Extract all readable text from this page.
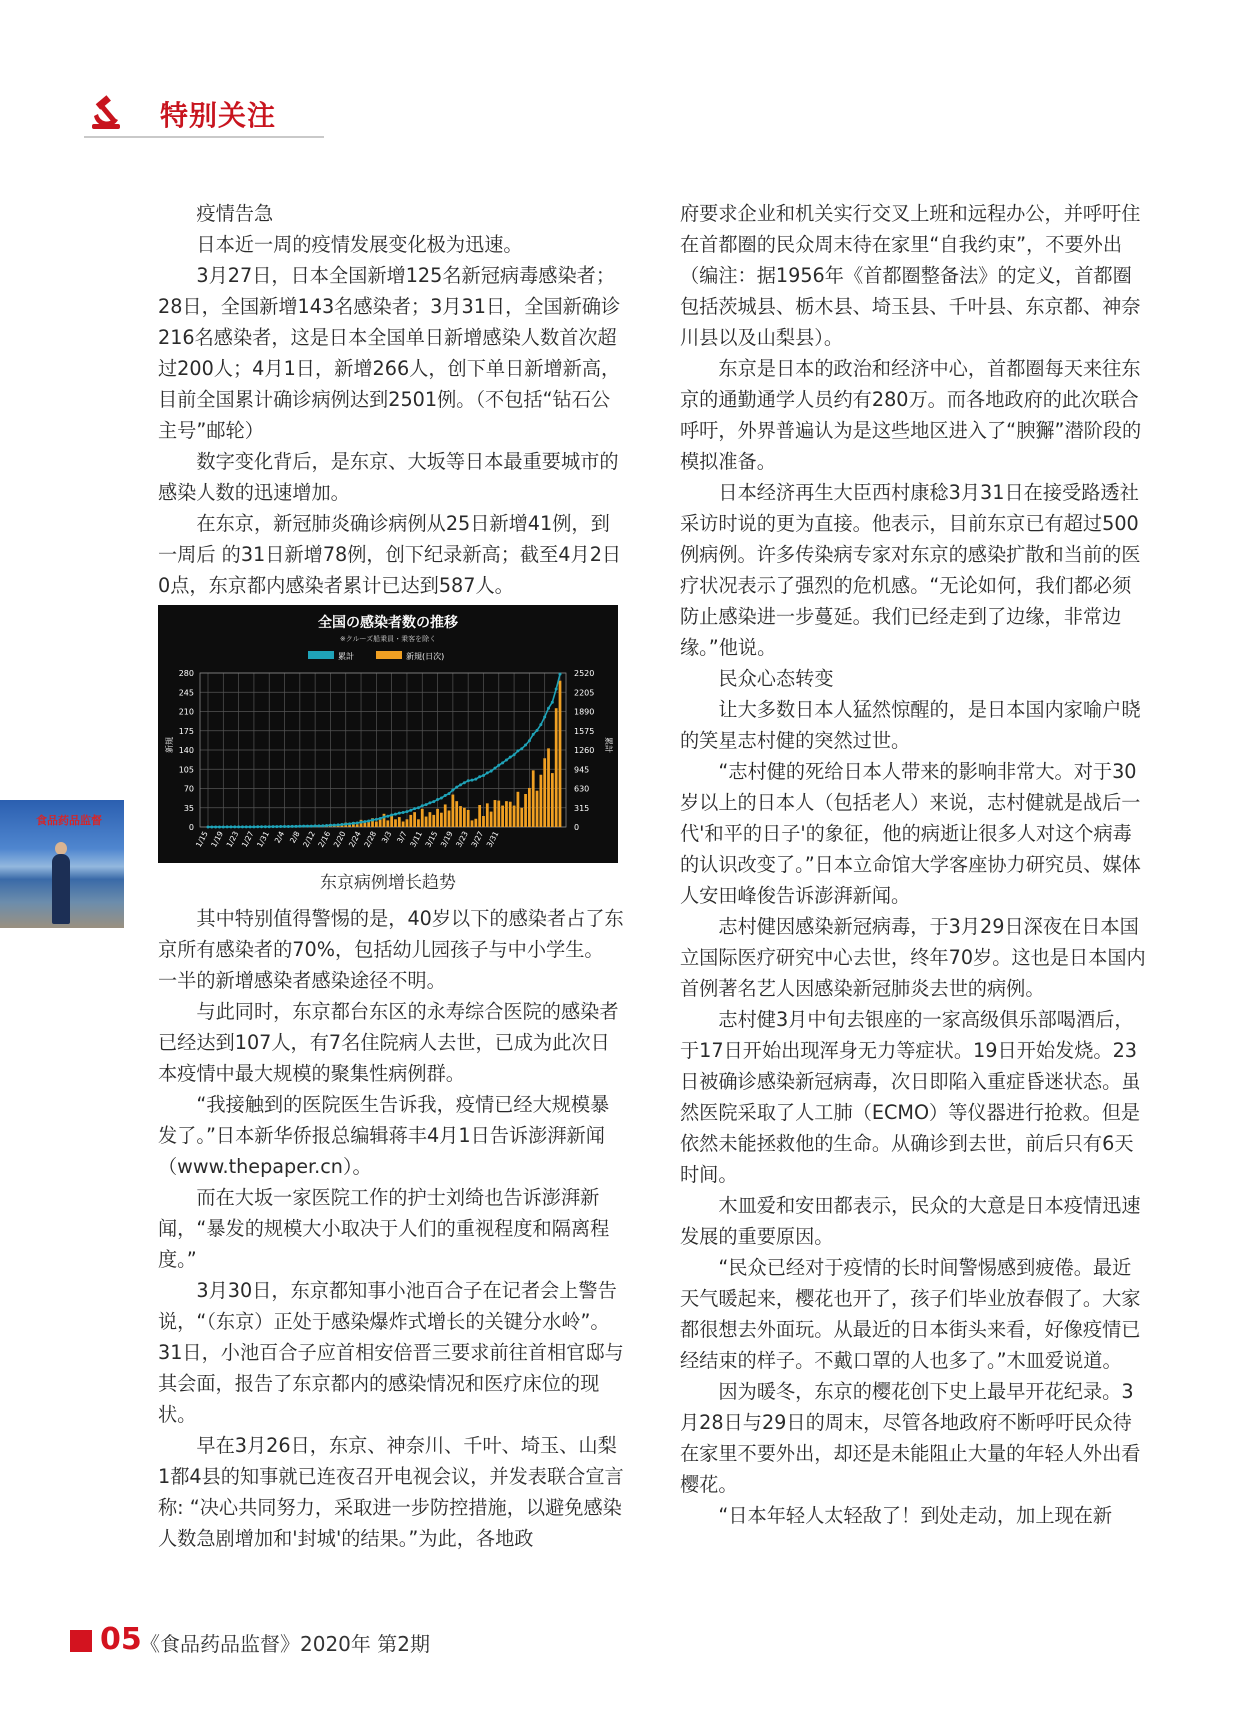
特别关注

疫情告急

日本近一周的疫情发展变化极为迅速。

3月27日，日本全国新增125名新冠病毒感染者；28日，全国新增143名感染者；3月31日，全国新确诊216名感染者，这是日本全国单日新增感染人数首次超过200人；4月1日，新增266人，创下单日新增新高，目前全国累计确诊病例达到2501例。（不包括“钻石公主号”邮轮）

数字变化背后，是东京、大坂等日本最重要城市的感染人数的迅速增加。

在东京，新冠肺炎确诊病例从25日新增41例，到一周后 的31日新增78例，创下纪录新高；截至4月2日0点，东京都内感染者累计已达到587人。

全国の感染者数の推移
※クルーズ船乗員・乗客を除く
累計	新規(日次)
0
35
70
105
140
175
210
245
280
0
315
630
945
1260
1575
1890
2205
2520
新規	累計
1/15 1/19 1/23 1/27 1/31 2/4 2/8 2/12 2/16 2/20 2/24 2/28 3/3 3/7 3/11 3/15 3/19 3/23 3/27 3/31
东京病例增长趋势

其中特别值得警惕的是，40岁以下的感染者占了东京所有感染者的70%，包括幼儿园孩子与中小学生。 一半的新增感染者感染途径不明。

与此同时，东京都台东区的永寿综合医院的感染者已经达到107人，有7名住院病人去世，已成为此次日本疫情中最大规模的聚集性病例群。

“我接触到的医院医生告诉我，疫情已经大规模暴发了。”日本新华侨报总编辑蒋丰4月1日告诉澎湃新闻（www.thepaper.cn）。

而在大坂一家医院工作的护士刘绮也告诉澎湃新闻，“暴发的规模大小取决于人们的重视程度和隔离程度。”

3月30日，东京都知事小池百合子在记者会上警告说，“（东京）正处于感染爆炸式增长的关键分水岭”。31日，小池百合子应首相安倍晋三要求前往首相官邸与其会面，报告了东京都内的感染情况和医疗床位的现状。

早在3月26日，东京、神奈川、千叶、埼玉、山梨1都4县的知事就已连夜召开电视会议，并发表联合宣言称: “决心共同努力，采取进一步防控措施，以避免感染人数急剧增加和'封城'的结果。”为此，各地政

府要求企业和机关实行交叉上班和远程办公，并呼吁住在首都圈的民众周末待在家里“自我约束”，不要外出（编注：据1956年《首都圈整备法》的定义，首都圈包括茨城县、栃木县、埼玉县、千叶县、东京都、神奈川县以及山梨县）。

东京是日本的政治和经济中心，首都圈每天来往东京的通勤通学人员约有280万。而各地政府的此次联合呼吁，外界普遍认为是这些地区进入了“腴獬”潜阶段的模拟准备。

日本经济再生大臣西村康稔3月31日在接受路透社采访时说的更为直接。他表示，目前东京已有超过500例病例。许多传染病专家对东京的感染扩散和当前的医疗状况表示了强烈的危机感。“无论如何，我们都必须防止感染进一步蔓延。我们已经走到了边缘，非常边缘。”他说。

民众心态转变

让大多数日本人猛然惊醒的，是日本国内家喻户晓的笑星志村健的突然过世。

“志村健的死给日本人带来的影响非常大。对于30岁以上的日本人（包括老人）来说，志村健就是战后一代'和平的日子'的象征，他的病逝让很多人对这个病毒的认识改变了。”日本立命馆大学客座协力研究员、媒体人安田峰俊告诉澎湃新闻。

志村健因感染新冠病毒，于3月29日深夜在日本国立国际医疗研究中心去世，终年70岁。这也是日本国内首例著名艺人因感染新冠肺炎去世的病例。

志村健3月中旬去银座的一家高级俱乐部喝酒后，于17日开始出现浑身无力等症状。19日开始发烧。23日被确诊感染新冠病毒，次日即陷入重症昏迷状态。虽然医院采取了人工肺（ECMO）等仪器进行抢救。但是依然未能拯救他的生命。从确诊到去世，前后只有6天时间。

木皿爱和安田都表示，民众的大意是日本疫情迅速发展的重要原因。

“民众已经对于疫情的长时间警惕感到疲倦。最近天气暖起来，樱花也开了，孩子们毕业放春假了。大家都很想去外面玩。从最近的日本街头来看，好像疫情已经结束的样子。不戴口罩的人也多了。”木皿爱说道。

因为暖冬，东京的樱花创下史上最早开花纪录。3月28日与29日的周末，尽管各地政府不断呼吁民众待在家里不要外出，却还是未能阻止大量的年轻人外出看樱花。

“日本年轻人太轻敌了！到处走动，加上现在新

食品药品监督
05
《食品药品监督》2020年 第2期
